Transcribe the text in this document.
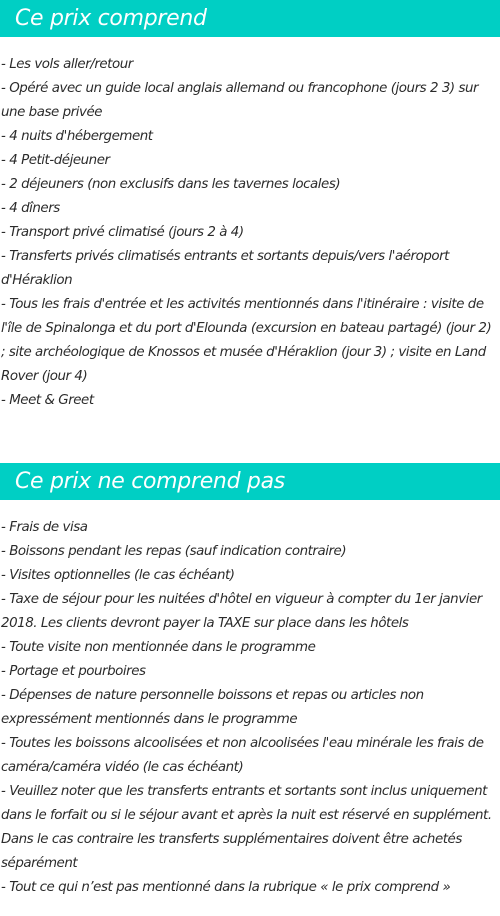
Ce prix comprend
- Les vols aller/retour
- Opéré avec un guide local anglais allemand ou francophone (jours 2 3) sur une base privée
- 4 nuits d'hébergement
- 4 Petit-déjeuner
- 2 déjeuners (non exclusifs dans les tavernes locales)
- 4 dîners
- Transport privé climatisé (jours 2 à 4)
- Transferts privés climatisés entrants et sortants depuis/vers l'aéroport d'Héraklion
- Tous les frais d'entrée et les activités mentionnés dans l'itinéraire : visite de l'île de Spinalonga et du port d'Elounda (excursion en bateau partagé) (jour 2) ; site archéologique de Knossos et musée d'Héraklion (jour 3) ; visite en Land Rover (jour 4)
- Meet & Greet
Ce prix ne comprend pas
- Frais de visa
- Boissons pendant les repas (sauf indication contraire)
- Visites optionnelles (le cas échéant)
- Taxe de séjour pour les nuitées d'hôtel en vigueur à compter du 1er janvier 2018. Les clients devront payer la TAXE sur place dans les hôtels
- Toute visite non mentionnée dans le programme
- Portage et pourboires
- Dépenses de nature personnelle boissons et repas ou articles non expressément mentionnés dans le programme
- Toutes les boissons alcoolisées et non alcoolisées l'eau minérale les frais de caméra/caméra vidéo (le cas échéant)
- Veuillez noter que les transferts entrants et sortants sont inclus uniquement dans le forfait ou si le séjour avant et après la nuit est réservé en supplément. Dans le cas contraire les transferts supplémentaires doivent être achetés séparément
- Tout ce qui n’est pas mentionné dans la rubrique « le prix comprend »
